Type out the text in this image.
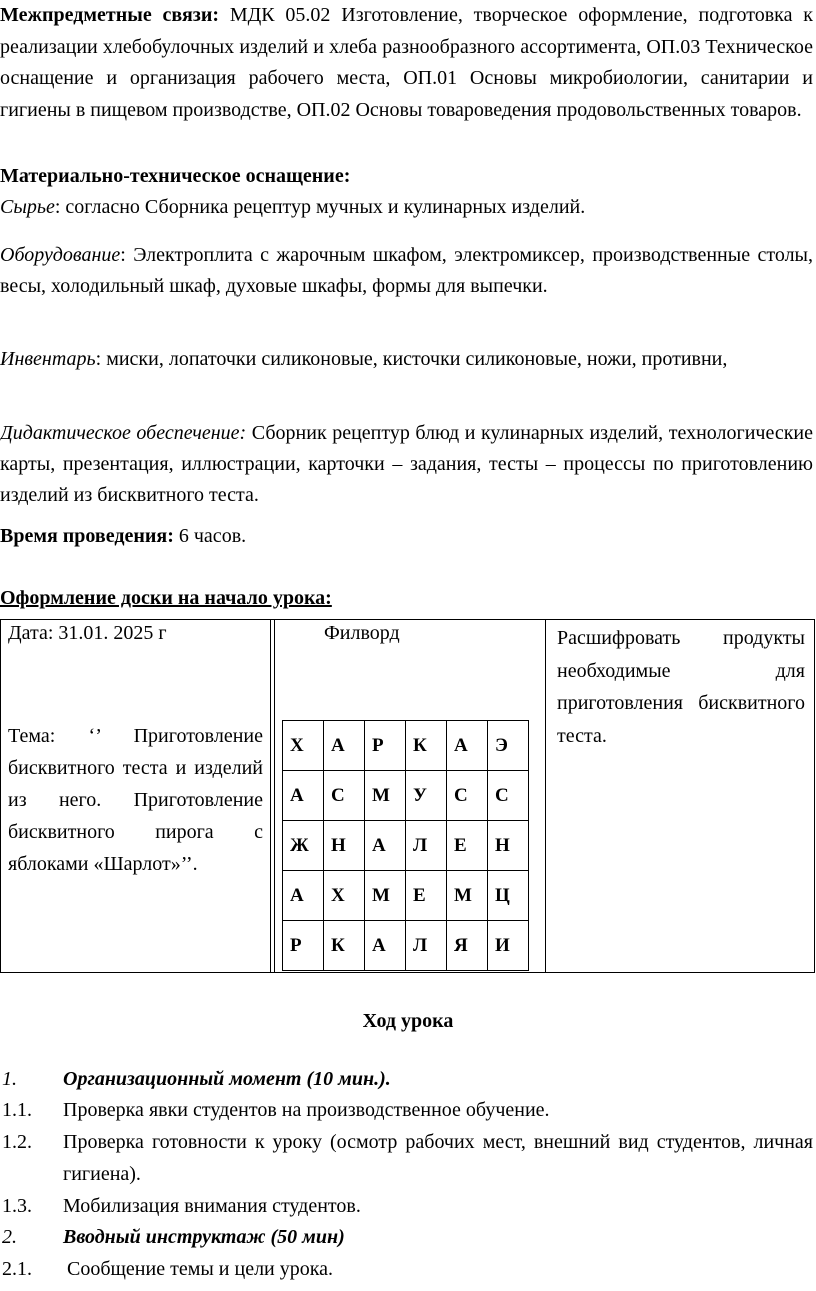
Межпредметные связи: МДК 05.02 Изготовление, творческое оформление, подготовка к реализации хлебобулочных изделий и хлеба разнообразного ассортимента, ОП.03 Техническое оснащение и организация рабочего места, ОП.01 Основы микробиологии, санитарии и гигиены в пищевом производстве, ОП.02 Основы товароведения продовольственных товаров.

Материально-техническое оснащение:

Сырье: согласно Сборника рецептур мучных и кулинарных изделий.

Оборудование: Электроплита с жарочным шкафом, электромиксер, производственные столы, весы, холодильный шкаф, духовые шкафы, формы для выпечки.

Инвентарь: миски, лопаточки силиконовые, кисточки силиконовые, ножи, противни,

Дидактическое обеспечение: Сборник рецептур блюд и кулинарных изделий, технологические карты, презентация, иллюстрации, карточки – задания, тесты – процессы по приготовлению изделий из бисквитного теста.

Время проведения: 6 часов.

Оформление доски на начало урока:

Дата: 31.01. 2025 г
Тема: ‘’ Приготовление бисквитного теста и изделий из него. Приготовление бисквитного пирога с яблоками «Шарлот»’’.
Филворд
Х	А	Р	К	А	Э
А	С	М	У	С	С
Ж	Н	А	Л	Е	Н
А	Х	М	Е	М	Ц
Р	К	А	Л	Я	И
Расшифровать продукты необходимые для приготовления бисквитного теста.
Ход урока
1. Организационный момент (10 мин.).
1.1. Проверка явки студентов на производственное обучение.
1.2. Проверка готовности к уроку (осмотр рабочих мест, внешний вид студентов, личная гигиена).
1.3. Мобилизация внимания студентов.
2. Вводный инструктаж (50 мин)
2.1. Сообщение темы и цели урока.
